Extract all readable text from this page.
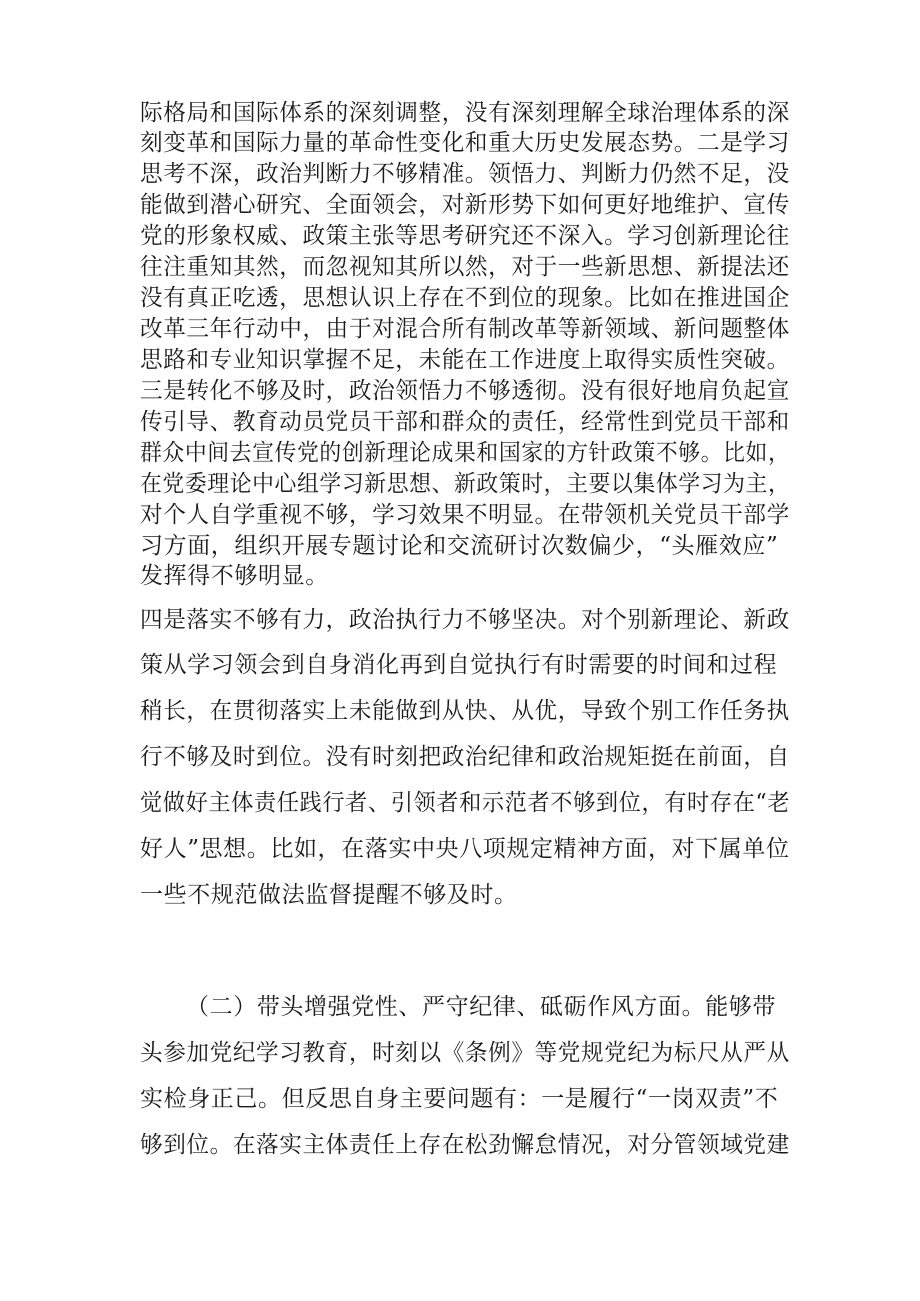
际格局和国际体系的深刻调整，没有深刻理解全球治理体系的深
刻变革和国际力量的革命性变化和重大历史发展态势。二是学习
思考不深，政治判断力不够精准。领悟力、判断力仍然不足，没
能做到潜心研究、全面领会，对新形势下如何更好地维护、宣传
党的形象权威、政策主张等思考研究还不深入。学习创新理论往
往注重知其然，而忽视知其所以然，对于一些新思想、新提法还
没有真正吃透，思想认识上存在不到位的现象。比如在推进国企
改革三年行动中，由于对混合所有制改革等新领域、新问题整体
思路和专业知识掌握不足，未能在工作进度上取得实质性突破。
三是转化不够及时，政治领悟力不够透彻。没有很好地肩负起宣
传引导、教育动员党员干部和群众的责任，经常性到党员干部和
群众中间去宣传党的创新理论成果和国家的方针政策不够。比如，
在党委理论中心组学习新思想、新政策时，主要以集体学习为主，
对个人自学重视不够，学习效果不明显。在带领机关党员干部学
习方面，组织开展专题讨论和交流研讨次数偏少，“头雁效应”
发挥得不够明显。
四是落实不够有力，政治执行力不够坚决。对个别新理论、新政
策从学习领会到自身消化再到自觉执行有时需要的时间和过程
稍长，在贯彻落实上未能做到从快、从优，导致个别工作任务执
行不够及时到位。没有时刻把政治纪律和政治规矩挺在前面，自
觉做好主体责任践行者、引领者和示范者不够到位，有时存在“老
好人”思想。比如，在落实中央八项规定精神方面，对下属单位
一些不规范做法监督提醒不够及时。
（二）带头增强党性、严守纪律、砥砺作风方面。能够带
头参加党纪学习教育，时刻以《条例》等党规党纪为标尺从严从
实检身正己。但反思自身主要问题有：一是履行“一岗双责”不
够到位。在落实主体责任上存在松劲懈怠情况，对分管领域党建
